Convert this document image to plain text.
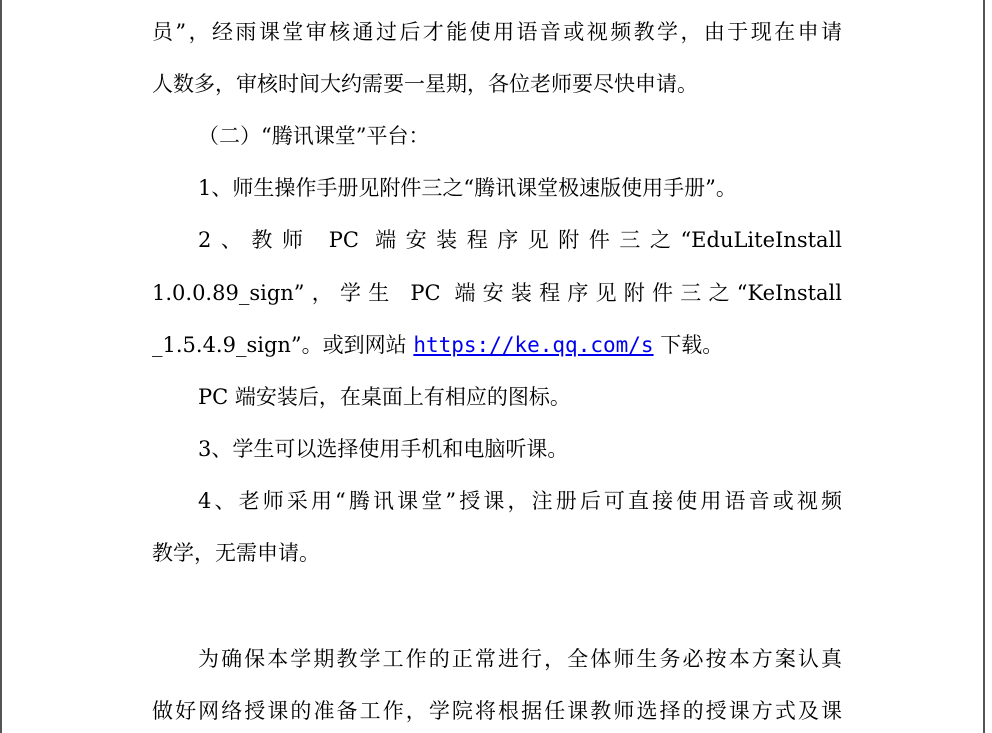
员”，经雨课堂审核通过后才能使用语音或视频教学，由于现在申请
人数多，审核时间大约需要一星期，各位老师要尽快申请。
（二）“腾讯课堂”平台：
1、师生操作手册见附件三之“腾讯课堂极速版使用手册”。
2、教师 PC 端安装程序见附件三之“EduLiteInstall
1.0.0.89_sign”，学生 PC 端安装程序见附件三之“KeInstall
_1.5.4.9_sign”。或到网站 https://ke.qq.com/s 下载。
PC 端安装后，在桌面上有相应的图标。
3、学生可以选择使用手机和电脑听课。
4、老师采用“腾讯课堂”授课，注册后可直接使用语音或视频
教学，无需申请。
为确保本学期教学工作的正常进行，全体师生务必按本方案认真
做好网络授课的准备工作，学院将根据任课教师选择的授课方式及课
